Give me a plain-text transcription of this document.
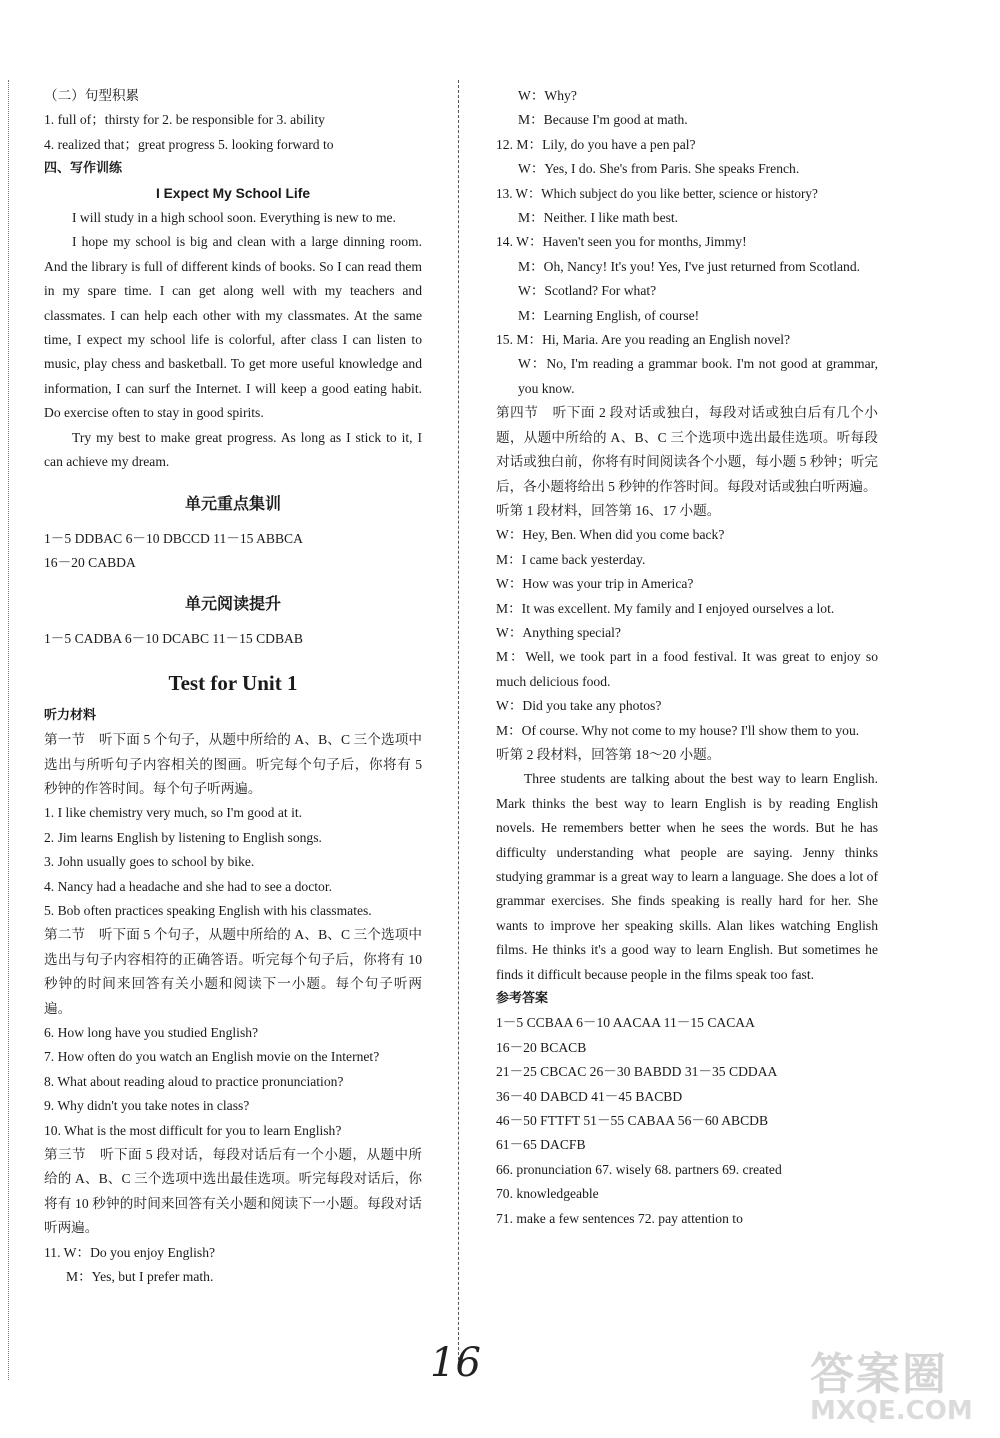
（二）句型积累
1. full of；thirsty for 2. be responsible for 3. ability
4. realized that；great progress 5. looking forward to
四、写作训练
I Expect My School Life
I will study in a high school soon. Everything is new to me.
I hope my school is big and clean with a large dinning room. And the library is full of different kinds of books. So I can read them in my spare time. I can get along well with my teachers and classmates. I can help each other with my classmates. At the same time, I expect my school life is colorful, after class I can listen to music, play chess and basketball. To get more useful knowledge and information, I can surf the Internet. I will keep a good eating habit. Do exercise often to stay in good spirits.
Try my best to make great progress. As long as I stick to it, I can achieve my dream.
单元重点集训
1－5 DDBAC 6－10 DBCCD 11－15 ABBCA
16－20 CABDA
单元阅读提升
1－5 CADBA 6－10 DCABC 11－15 CDBAB
Test for Unit 1
听力材料
第一节　听下面 5 个句子，从题中所给的 A、B、C 三个选项中选出与所听句子内容相关的图画。听完每个句子后，你将有 5 秒钟的作答时间。每个句子听两遍。
1. I like chemistry very much, so I'm good at it.
2. Jim learns English by listening to English songs.
3. John usually goes to school by bike.
4. Nancy had a headache and she had to see a doctor.
5. Bob often practices speaking English with his classmates.
第二节　听下面 5 个句子，从题中所给的 A、B、C 三个选项中选出与句子内容相符的正确答语。听完每个句子后，你将有 10 秒钟的时间来回答有关小题和阅读下一小题。每个句子听两遍。
6. How long have you studied English?
7. How often do you watch an English movie on the Internet?
8. What about reading aloud to practice pronunciation?
9. Why didn't you take notes in class?
10. What is the most difficult for you to learn English?
第三节　听下面 5 段对话，每段对话后有一个小题，从题中所给的 A、B、C 三个选项中选出最佳选项。听完每段对话后，你将有 10 秒钟的时间来回答有关小题和阅读下一小题。每段对话听两遍。
11. W：Do you enjoy English?
M：Yes, but I prefer math.
W：Why?
M：Because I'm good at math.
12. M：Lily, do you have a pen pal?
W：Yes, I do. She's from Paris. She speaks French.
13. W：Which subject do you like better, science or history?
M：Neither. I like math best.
14. W：Haven't seen you for months, Jimmy!
M：Oh, Nancy! It's you! Yes, I've just returned from Scotland.
W：Scotland? For what?
M：Learning English, of course!
15. M：Hi, Maria. Are you reading an English novel?
W：No, I'm reading a grammar book. I'm not good at grammar, you know.
第四节　听下面 2 段对话或独白，每段对话或独白后有几个小题，从题中所给的 A、B、C 三个选项中选出最佳选项。听每段对话或独白前，你将有时间阅读各个小题，每小题 5 秒钟；听完后，各小题将给出 5 秒钟的作答时间。每段对话或独白听两遍。
听第 1 段材料，回答第 16、17 小题。
W：Hey, Ben. When did you come back?
M：I came back yesterday.
W：How was your trip in America?
M：It was excellent. My family and I enjoyed ourselves a lot.
W：Anything special?
M：Well, we took part in a food festival. It was great to enjoy so much delicious food.
W：Did you take any photos?
M：Of course. Why not come to my house? I'll show them to you.
听第 2 段材料，回答第 18～20 小题。
Three students are talking about the best way to learn English. Mark thinks the best way to learn English is by reading English novels. He remembers better when he sees the words. But he has difficulty understanding what people are saying. Jenny thinks studying grammar is a great way to learn a language. She does a lot of grammar exercises. She finds speaking is really hard for her. She wants to improve her speaking skills. Alan likes watching English films. He thinks it's a good way to learn English. But sometimes he finds it difficult because people in the films speak too fast.
参考答案
1－5 CCBAA 6－10 AACAA 11－15 CACAA
16－20 BCACB
21－25 CBCAC 26－30 BABDD 31－35 CDDAA
36－40 DABCD 41－45 BACBD
46－50 FTTFT 51－55 CABAA 56－60 ABCDB
61－65 DACFB
66. pronunciation 67. wisely 68. partners 69. created
70. knowledgeable
71. make a few sentences 72. pay attention to
16	答案圈
MXQE.COM
